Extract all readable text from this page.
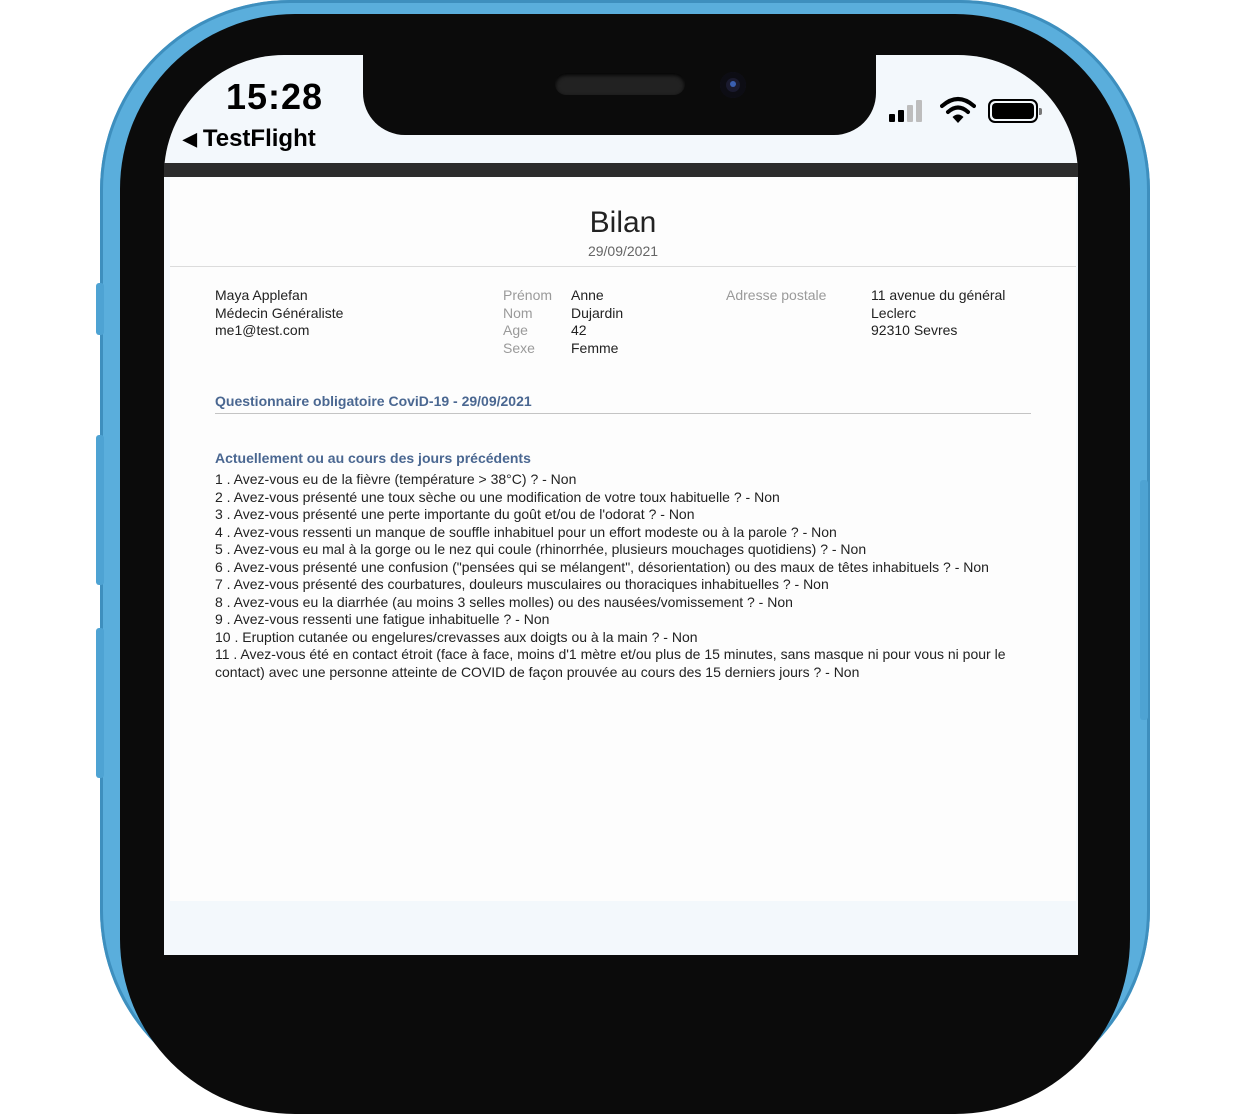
15:28
◀ TestFlight
Bilan
29/09/2021
Maya Applefan
Médecin Généraliste
me1@test.com
Prénom
Nom
Age
Sexe
Anne
Dujardin
42
Femme
Adresse postale	11 avenue du général
Leclerc
92310 Sevres
Questionnaire obligatoire CoviD-19 - 29/09/2021
Actuellement ou au cours des jours précédents
1 . Avez-vous eu de la fièvre (température > 38°C) ? - Non
2 . Avez-vous présenté une toux sèche ou une modification de votre toux habituelle ? - Non
3 . Avez-vous présenté une perte importante du goût et/ou de l'odorat ? - Non
4 . Avez-vous ressenti un manque de souffle inhabituel pour un effort modeste ou à la parole ? - Non
5 . Avez-vous eu mal à la gorge ou le nez qui coule (rhinorrhée, plusieurs mouchages quotidiens) ? - Non
6 . Avez-vous présenté une confusion ("pensées qui se mélangent", désorientation) ou des maux de têtes inhabituels ? - Non
7 . Avez-vous présenté des courbatures, douleurs musculaires ou thoraciques inhabituelles ? - Non
8 . Avez-vous eu la diarrhée (au moins 3 selles molles) ou des nausées/vomissement ? - Non
9 . Avez-vous ressenti une fatigue inhabituelle ? - Non
10 . Eruption cutanée ou engelures/crevasses aux doigts ou à la main ? - Non
11 . Avez-vous été en contact étroit (face à face, moins d'1 mètre et/ou plus de 15 minutes, sans masque ni pour vous ni pour le contact) avec une personne atteinte de COVID de façon prouvée au cours des 15 derniers jours ? - Non
